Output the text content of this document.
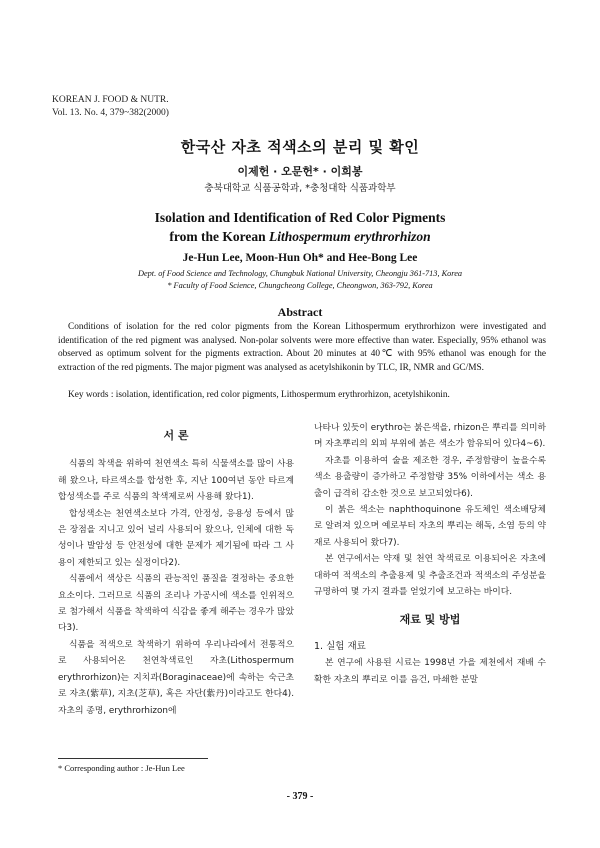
KOREAN J. FOOD & NUTR.
Vol. 13. No. 4, 379~382(2000)
한국산 자초 적색소의 분리 및 확인
이제헌 · 오문헌* · 이희봉
충북대학교 식품공학과, *충청대학 식품과학부
Isolation and Identification of Red Color Pigments
from the Korean Lithospermum erythrorhizon
Je-Hun Lee, Moon-Hun Oh* and Hee-Bong Lee
Dept. of Food Science and Technology, Chungbuk National University, Cheongju 361-713, Korea
* Faculty of Food Science, Chungcheong College, Cheongwon, 363-792, Korea
Abstract

Conditions of isolation for the red color pigments from the Korean Lithospermum erythrorhizon were investigated and identification of the red pigment was analysed. Non-polar solvents were more effective than water. Especially, 95% ethanol was observed as optimum solvent for the pigments extraction. About 20 minutes at 40℃ with 95% ethanol was enough for the extraction of the red pigments. The major pigment was analysed as acetylshikonin by TLC, IR, NMR and GC/MS.

Key words : isolation, identification, red color pigments, Lithospermum erythrorhizon, acetylshikonin.
서 론

식품의 착색을 위하여 천연색소 특히 식물색소를 많이 사용해 왔으나, 타르색소를 합성한 후, 지난 100여년 동안 타르계 합성색소를 주로 식품의 착색제로써 사용해 왔다1).

합성색소는 천연색소보다 가격, 안정성, 응용성 등에서 많은 장점을 지니고 있어 널리 사용되어 왔으나, 인체에 대한 독성이나 발암성 등 안전성에 대한 문제가 제기됨에 따라 그 사용이 제한되고 있는 실정이다2).

식품에서 색상은 식품의 관능적인 품질을 결정하는 중요한 요소이다. 그러므로 식품의 조리나 가공시에 색소를 인위적으로 첨가해서 식품을 착색하여 식감을 좋게 해주는 경우가 많았다3).

식품을 적색으로 착색하기 위하여 우리나라에서 전통적으로 사용되어온 천연착색료인 자초(Lithospermum erythrorhizon)는 지치과(Boraginaceae)에 속하는 숙근초로 자초(紫草), 지초(芝草), 혹은 자단(紫丹)이라고도 한다4). 자초의 종명, erythrorhizon에

나타나 있듯이 erythro는 붉은색을, rhizon은 뿌리를 의미하며 자초뿌리의 외피 부위에 붉은 색소가 함유되어 있다4~6).

자초를 이용하여 술을 제조한 경우, 주정함량이 높을수록 색소 용출량이 증가하고 주정함량 35% 이하에서는 색소 용출이 급격히 감소한 것으로 보고되었다6).

이 붉은 색소는 naphthoquinone 유도체인 색소배당체로 알려져 있으며 예로부터 자초의 뿌리는 해독, 소염 등의 약재로 사용되어 왔다7).

본 연구에서는 약재 및 천연 착색료로 이용되어온 자초에 대하여 적색소의 추출용제 및 추출조건과 적색소의 주성분을 규명하여 몇 가지 결과를 얻었기에 보고하는 바이다.

재료 및 방법
1. 실험 재료

본 연구에 사용된 시료는 1998년 가을 제천에서 재배 수확한 자초의 뿌리로 이를 음건, 마쇄한 분말

* Corresponding author : Je-Hun Lee
- 379 -
